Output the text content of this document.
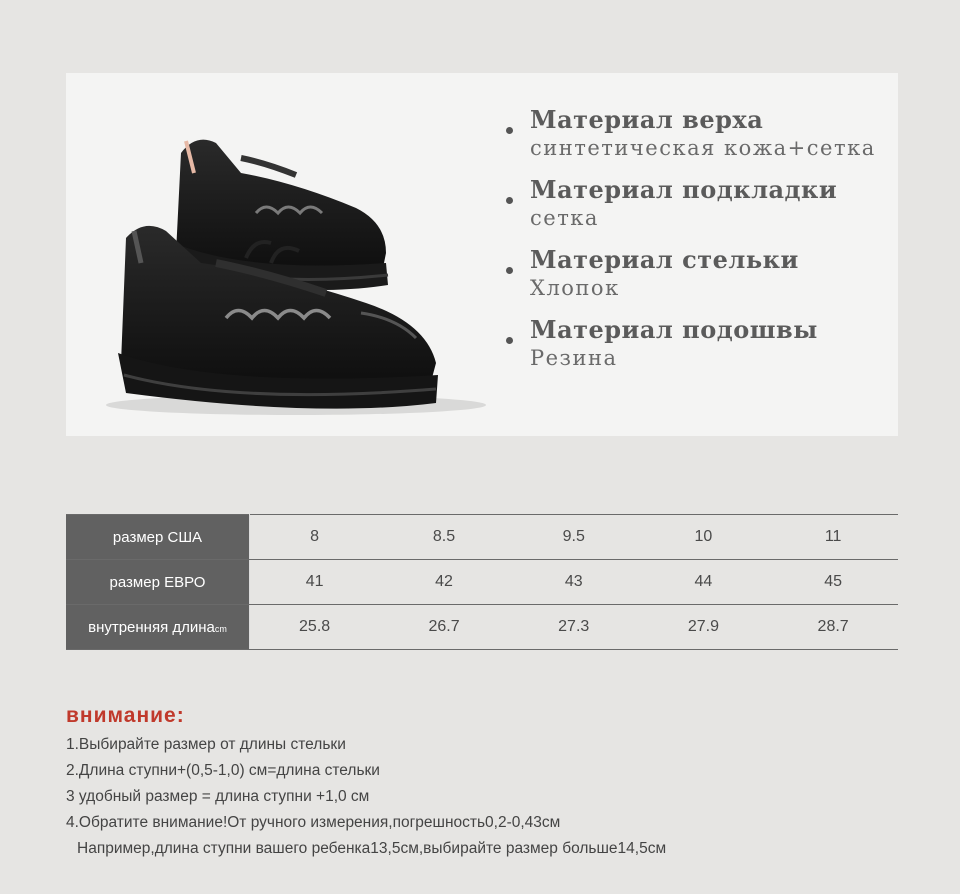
Материал верха
синтетическая кожа+сетка
Материал подкладки
сетка
Материал стельки
Хлопок
Материал подошвы
Резина
размер США	8	8.5	9.5	10	11
размер ЕВРО	41	42	43	44	45
внутренняя длинаcm	25.8	26.7	27.3	27.9	28.7
внимание:
1.Выбирайте размер от длины стельки
2.Длина ступни+(0,5-1,0) см=длина стельки
3 удобный размер = длина ступни +1,0 см
4.Обратите внимание!От ручного измерения,погрешность0,2-0,43см
Например,длина ступни вашего ребенка13,5см,выбирайте размер больше14,5см
